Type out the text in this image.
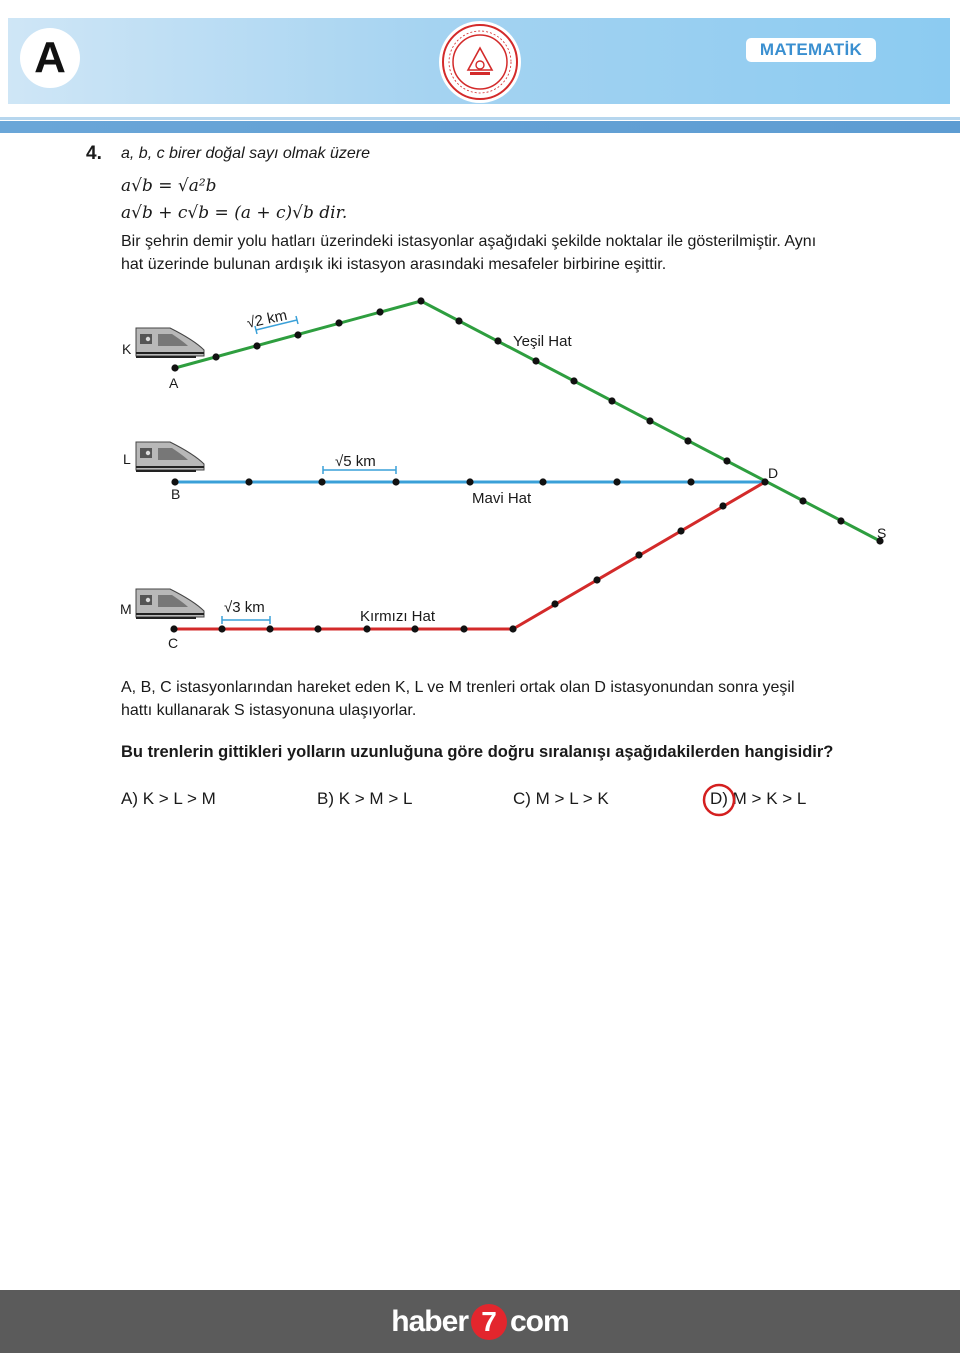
A	MATEMATİK
4. a, b, c birer doğal sayı olmak üzere
a√b = √a²b
a√b + c√b = (a + c)√b dir.
Bir şehrin demir yolu hatları üzerindeki istasyonlar aşağıdaki şekilde noktalar ile gösterilmiştir. Aynı
hat üzerinde bulunan ardışık iki istasyon arasındaki mesafeler birbirine eşittir.
√2 km
√5 km
√3 km
Yeşil Hat
Mavi Hat
Kırmızı Hat
A
B
C
D
S
K
L
M
A, B, C istasyonlarından hareket eden K, L ve M trenleri ortak olan D istasyonundan sonra yeşil
hattı kullanarak S istasyonuna ulaşıyorlar.
Bu trenlerin gittikleri yolların uzunluğuna göre doğru sıralanışı aşağıdakilerden hangisidir?
A) K > L > M	B) K > M > L	C) M > L > K	D) M > K > L
haber 7 com
